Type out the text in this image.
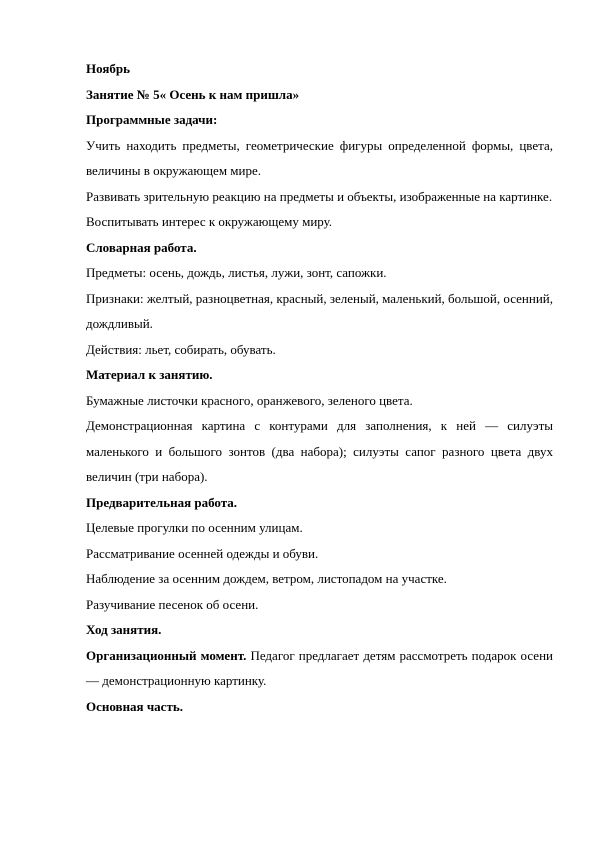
Ноябрь

Занятие № 5« Осень к нам пришла»

Программные задачи:

Учить находить предметы, геометрические фигуры определенной формы, цвета, величины в окружающем мире.

Развивать зрительную реакцию на предметы и объекты, изображенные на картинке.

Воспитывать интерес к окружающему миру.

Словарная работа.

Предметы: осень, дождь, листья, лужи, зонт, сапожки.

Признаки: желтый, разноцветная, красный, зеленый, маленький, большой, осенний, дождливый.

Действия: льет, собирать, обувать.

Материал к занятию.

Бумажные листочки красного, оранжевого, зеленого цвета.

Демонстрационная картина с контурами для заполнения, к ней — силуэты маленького и большого зонтов (два набора); силуэты сапог разного цвета двух величин (три набора).

Предварительная работа.

Целевые прогулки по осенним улицам.

Рассматривание осенней одежды и обуви.

Наблюдение за осенним дождем, ветром, листопадом на участке.

Разучивание песенок об осени.

Ход занятия.

Организационный момент. Педагог предлагает детям рассмотреть подарок осени — демонстрационную картинку.

Основная часть.
